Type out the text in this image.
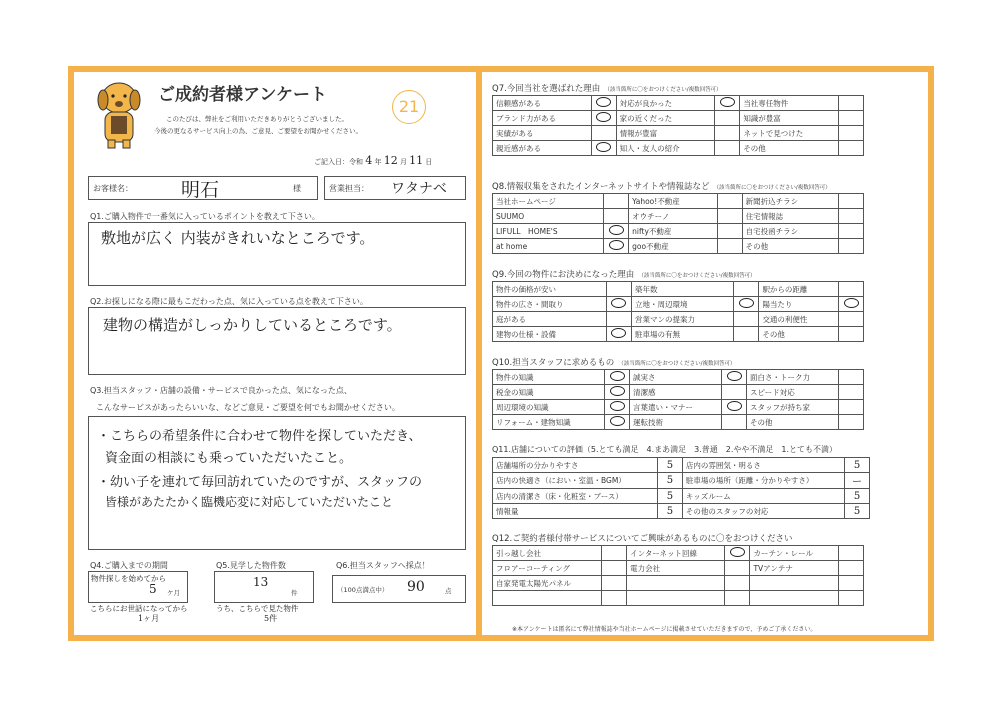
ご成約者様アンケート
このたびは、弊社をご利用いただきありがとうございました。
今後の更なるサービス向上の為、ご意見、ご要望をお聞かせください。
21
ご記入日：令和 4 年 12 月 11 日
お客様名：	明石	様	営業担当： ワタナベ
Q1.ご購入物件で一番気に入っているポイントを教えて下さい。
敷地が広く 内装がきれいなところです。
Q2.お探しになる際に最もこだわった点、気に入っている点を教えて下さい。
建物の構造がしっかりしているところです。
Q3.担当スタッフ・店舗の設備・サービスで良かった点、気になった点、
こんなサービスがあったらいいな、などご意見・ご要望を何でもお聞かせください。
・こちらの希望条件に合わせて物件を探していただき、
資金面の相談にも乗っていただいたこと。
・幼い子を連れて毎回訪れていたのですが、スタッフの
皆様があたたかく臨機応変に対応していただいたこと
Q4.ご購入までの期間
物件探しを始めてから
5 ケ月
こちらにお世話になってから
1ヶ月
Q5.見学した物件数
13
件
うち、こちらで見た物件
5件
Q6.担当スタッフへ採点！
（100点満点中） 90	点
Q7.今回当社を選ばれた理由 （該当箇所に〇をおつけください/複数回答可）
信頼感がある		対応が良かった		当社専任物件	
ブランド力がある		家の近くだった		知識が豊富	
実績がある		情報が豊富		ネットで見つけた	
親近感がある		知人・友人の紹介		その他	
Q8.情報収集をされたインターネットサイトや情報誌など （該当箇所に〇をおつけください/複数回答可）
当社ホームページ		Yahoo!不動産		新聞折込チラシ	
SUUMO		オウチーノ		住宅情報誌	
LIFULL　HOME'S		nifty不動産		自宅投函チラシ	
at home		goo不動産		その他	
Q9.今回の物件にお決めになった理由 （該当箇所に〇をおつけください/複数回答可）
物件の価格が安い		築年数		駅からの距離	
物件の広さ・間取り		立地・周辺環境		陽当たり	
庭がある		営業マンの提案力		交通の利便性	
建物の仕様・設備		駐車場の有無		その他	
Q10.担当スタッフに求めるもの （該当箇所に〇をおつけください/複数回答可）
物件の知識		誠実さ		面白さ・トーク力	
税金の知識		清潔感		スピード対応	
周辺環境の知識		言葉遣い・マナー		スタッフが持ち家	
リフォーム・建物知識		運転技術		その他	
Q11.店舗についての評価（5.とても満足　4.まあ満足　3.普通　2.やや不満足　1.とても不満）
店舗場所の分かりやすさ	5	店内の雰囲気・明るさ	5
店内の快適さ（におい・室温・BGM）	5	駐車場の場所（距離・分かりやすさ）	ー
店内の清潔さ（床・化粧室・ブース）	5	キッズルーム	5
情報量	5	その他のスタッフの対応	5
Q12.ご契約者様付帯サービスについてご興味があるものに〇をおつけください
引っ越し会社		インターネット回線		カーテン・レール	
フロアーコーティング		電力会社		TVアンテナ	
自家発電太陽光パネル					

※本アンケートは匿名にて弊社情報誌や当社ホームページに掲載させていただきますので、予めご了承ください。
